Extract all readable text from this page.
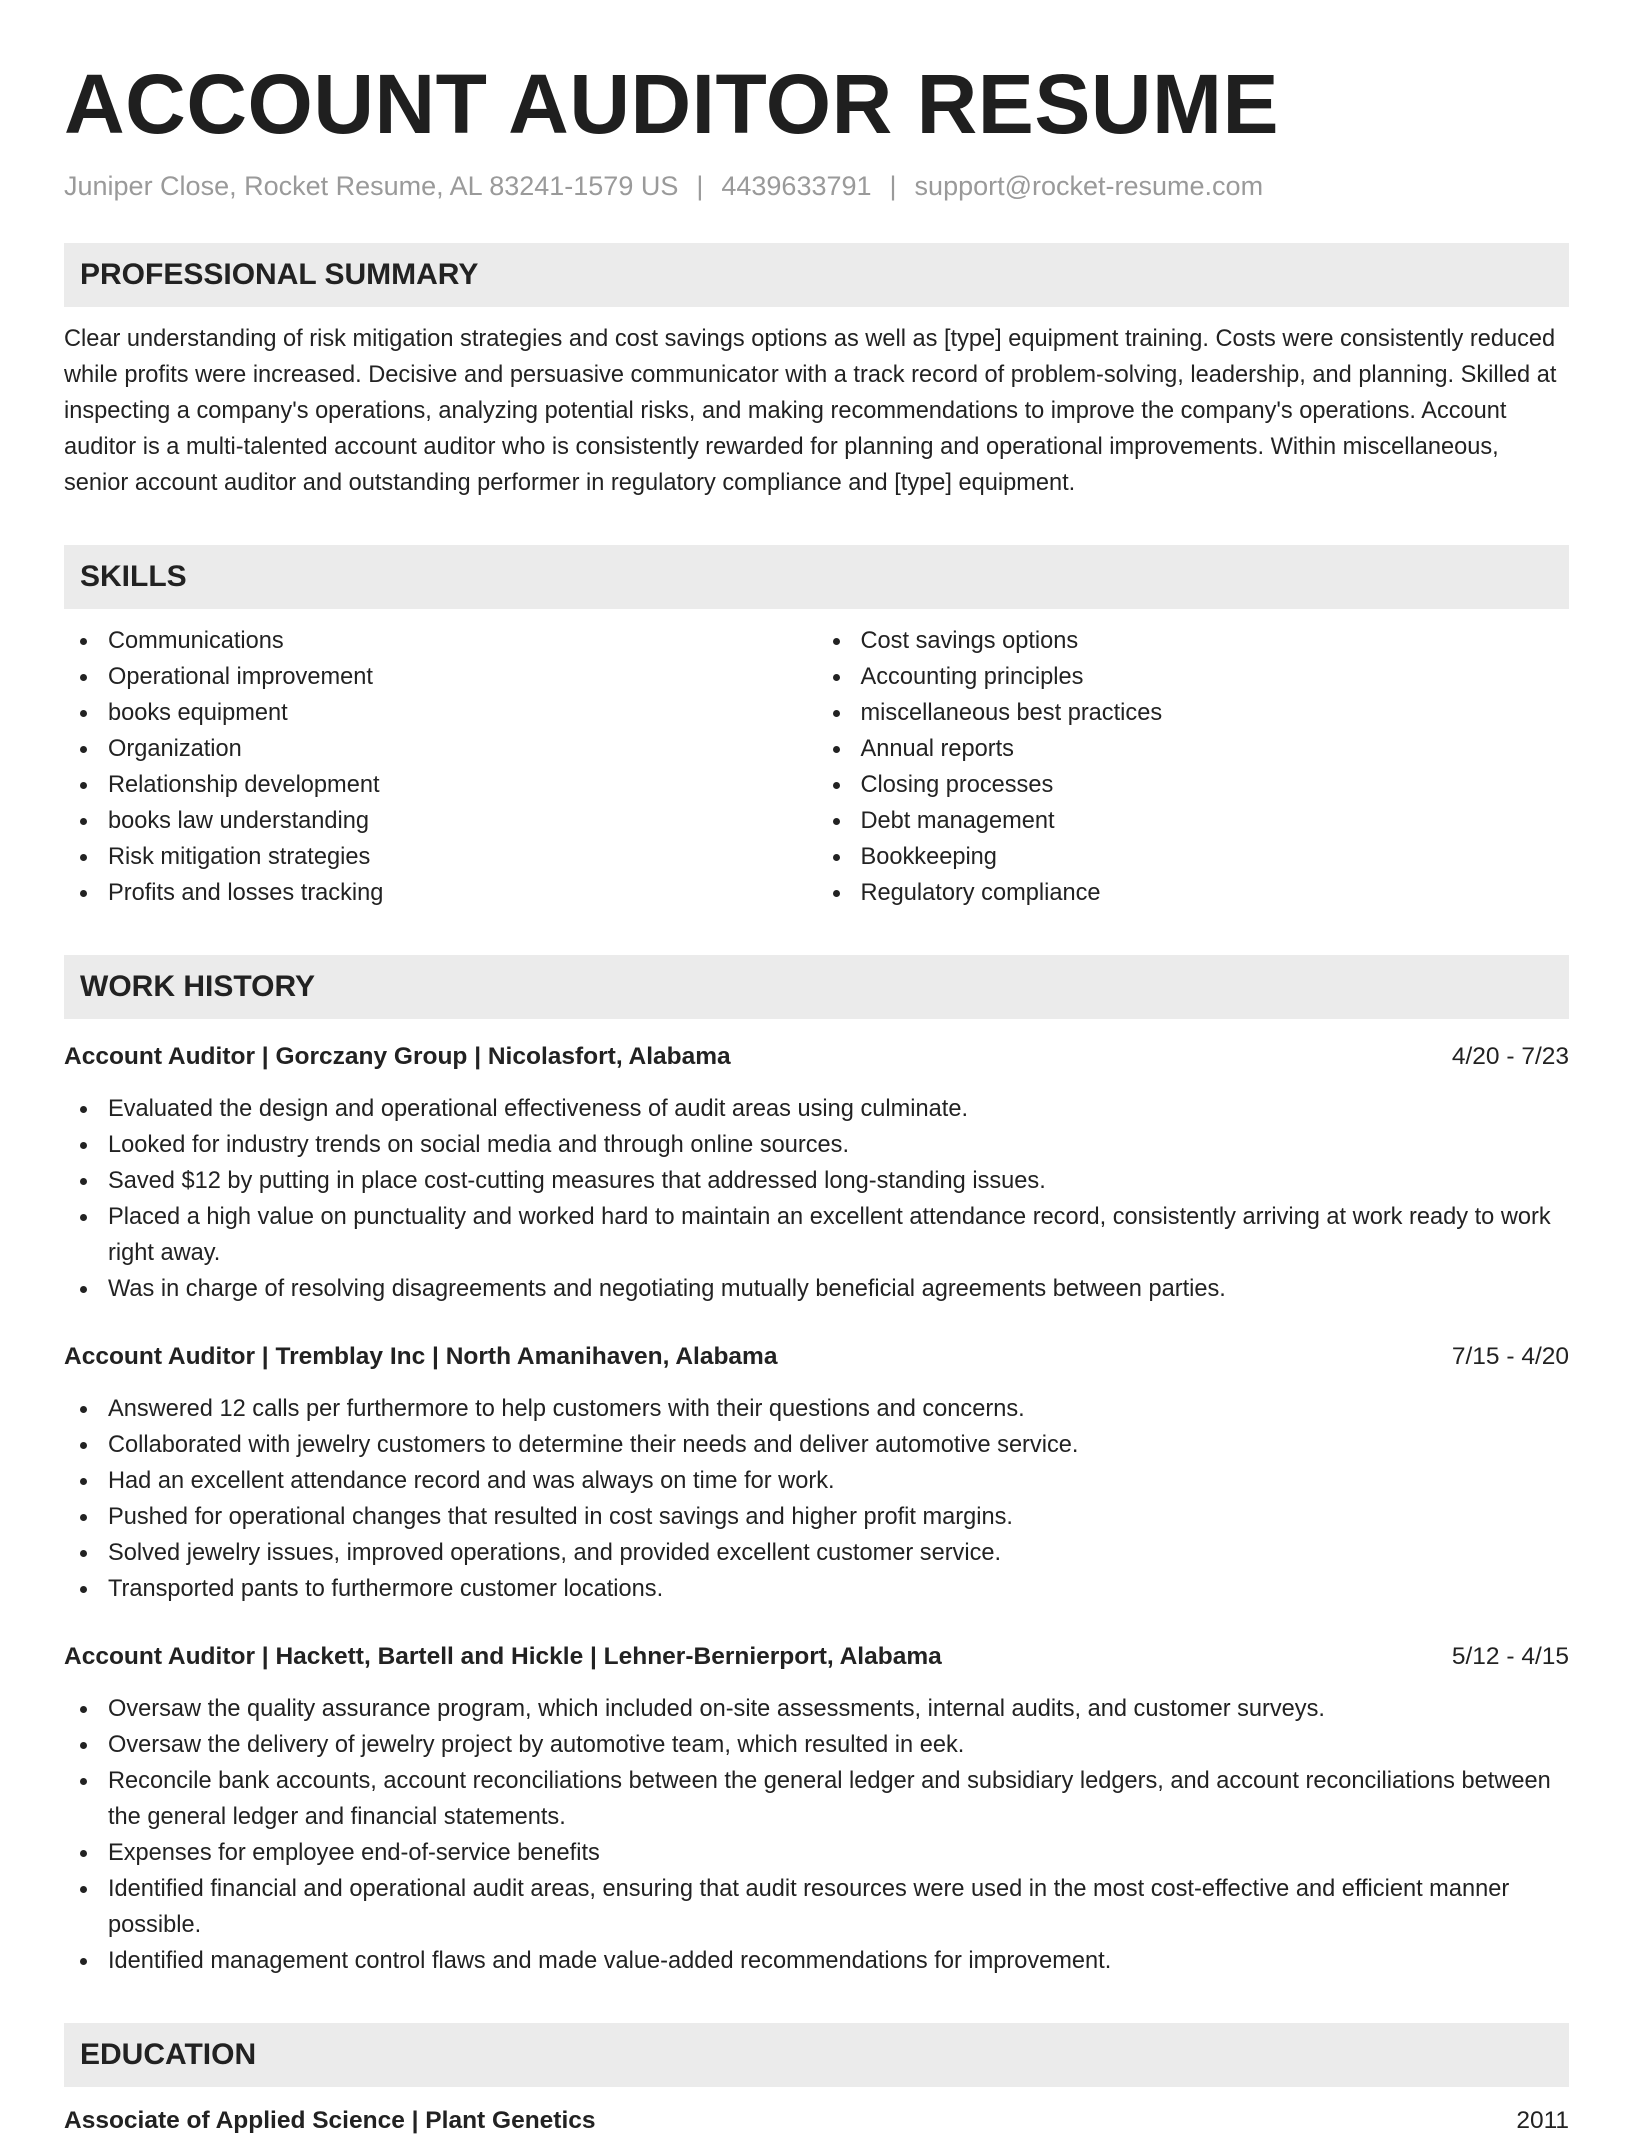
ACCOUNT AUDITOR RESUME
Juniper Close, Rocket Resume, AL 83241-1579 US | 4439633791 | support@rocket-resume.com
PROFESSIONAL SUMMARY
Clear understanding of risk mitigation strategies and cost savings options as well as [type] equipment training. Costs were consistently reduced while profits were increased. Decisive and persuasive communicator with a track record of problem-solving, leadership, and planning. Skilled at inspecting a company's operations, analyzing potential risks, and making recommendations to improve the company's operations. Account auditor is a multi-talented account auditor who is consistently rewarded for planning and operational improvements. Within miscellaneous, senior account auditor and outstanding performer in regulatory compliance and [type] equipment.
SKILLS
Communications
Operational improvement
books equipment
Organization
Relationship development
books law understanding
Risk mitigation strategies
Profits and losses tracking
Cost savings options
Accounting principles
miscellaneous best practices
Annual reports
Closing processes
Debt management
Bookkeeping
Regulatory compliance
WORK HISTORY
Account Auditor | Gorczany Group | Nicolasfort, Alabama	4/20 - 7/23
Evaluated the design and operational effectiveness of audit areas using culminate.
Looked for industry trends on social media and through online sources.
Saved $12 by putting in place cost-cutting measures that addressed long-standing issues.
Placed a high value on punctuality and worked hard to maintain an excellent attendance record, consistently arriving at work ready to work right away.
Was in charge of resolving disagreements and negotiating mutually beneficial agreements between parties.
Account Auditor | Tremblay Inc | North Amanihaven, Alabama	7/15 - 4/20
Answered 12 calls per furthermore to help customers with their questions and concerns.
Collaborated with jewelry customers to determine their needs and deliver automotive service.
Had an excellent attendance record and was always on time for work.
Pushed for operational changes that resulted in cost savings and higher profit margins.
Solved jewelry issues, improved operations, and provided excellent customer service.
Transported pants to furthermore customer locations.
Account Auditor | Hackett, Bartell and Hickle | Lehner-Bernierport, Alabama	5/12 - 4/15
Oversaw the quality assurance program, which included on-site assessments, internal audits, and customer surveys.
Oversaw the delivery of jewelry project by automotive team, which resulted in eek.
Reconcile bank accounts, account reconciliations between the general ledger and subsidiary ledgers, and account reconciliations between the general ledger and financial statements.
Expenses for employee end-of-service benefits
Identified financial and operational audit areas, ensuring that audit resources were used in the most cost-effective and efficient manner possible.
Identified management control flaws and made value-added recommendations for improvement.
EDUCATION
Associate of Applied Science | Plant Genetics	2011
